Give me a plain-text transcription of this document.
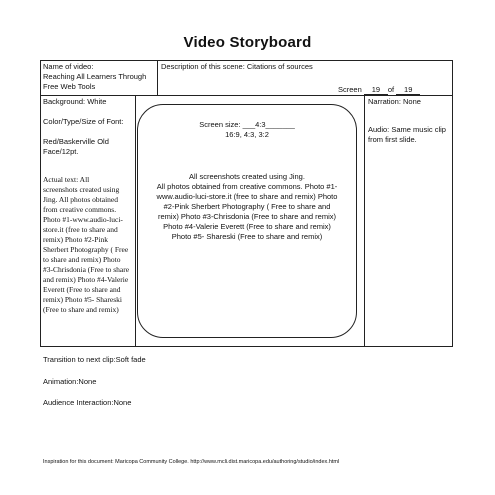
Video Storyboard
Name of video:
Reaching All Learners Through
Free Web Tools
Description of this scene: Citations of sources
Screen 19 of 19
Background: White
Color/Type/Size of Font:
Red/Baskerville Old
Face/12pt.
Actual text: All
screenshots created using
Jing. All photos obtained
from creative commons.
Photo #1-www.audio-luci-
store.it (free to share and
remix) Photo #2-Pink
Sherbert Photography ( Free
to share and remix) Photo
#3-Chrisdonia (Free to share
and remix) Photo #4-Valerie
Everett (Free to share and
remix) Photo #5- Shareski
(Free to share and remix)
Screen size: ___4:3_______
16:9, 4:3, 3:2
All screenshots created using Jing.
All photos obtained from creative commons. Photo #1-
www.audio-luci-store.it (free to share and remix) Photo
#2-Pink Sherbert Photography ( Free to share and
remix) Photo #3-Chrisdonia (Free to share and remix)
Photo #4-Valerie Everett (Free to share and remix)
Photo #5- Shareski (Free to share and remix)
Narration: None
Audio: Same music clip
from first slide.
Transition to next clip:Soft fade
Animation:None
Audience Interaction:None
Inspiration for this document: Maricopa Community College. http://www.mcli.dist.maricopa.edu/authoring/studio/index.html
